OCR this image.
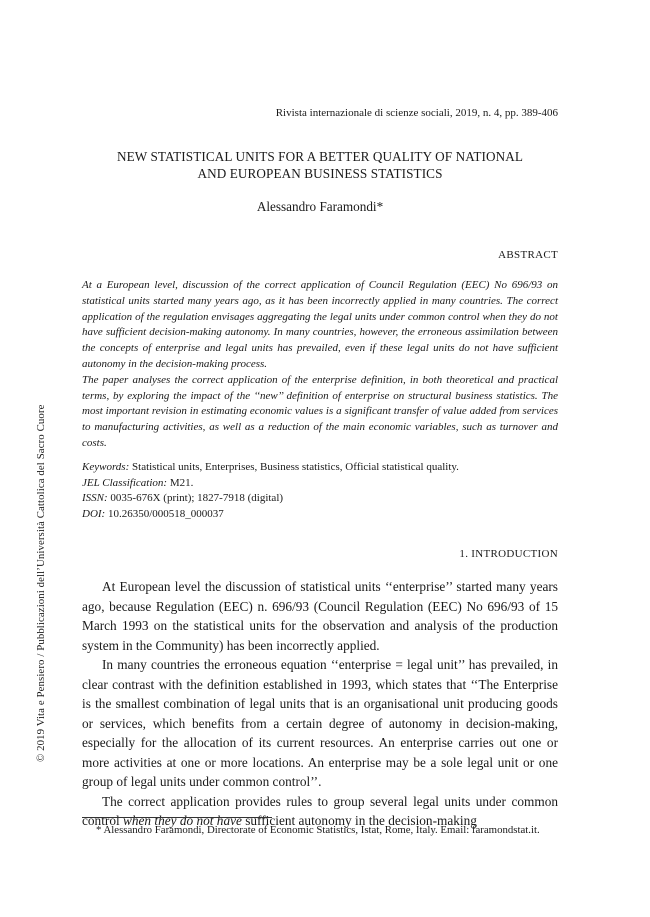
© 2019 Vita e Pensiero / Pubblicazioni dell’Università Cattolica del Sacro Cuore
Rivista internazionale di scienze sociali, 2019, n. 4, pp. 389-406
NEW STATISTICAL UNITS FOR A BETTER QUALITY OF NATIONAL
AND EUROPEAN BUSINESS STATISTICS
Alessandro Faramondi*
ABSTRACT

At a European level, discussion of the correct application of Council Regulation (EEC) No 696/93 on statistical units started many years ago, as it has been incorrectly applied in many countries. The correct application of the regulation envisages aggregating the legal units under common control when they do not have sufficient decision-making autonomy. In many countries, however, the erroneous assimilation between the concepts of enterprise and legal units has prevailed, even if these legal units do not have sufficient autonomy in the decision-making process.

The paper analyses the correct application of the enterprise definition, in both theoretical and practical terms, by exploring the impact of the ‘‘new’’ definition of enterprise on structural business statistics. The most important revision in estimating economic values is a significant transfer of value added from services to manufacturing activities, as well as a reduction of the main economic variables, such as turnover and costs.

Keywords: Statistical units, Enterprises, Business statistics, Official statistical quality.
JEL Classification: M21.
ISSN: 0035-676X (print); 1827-7918 (digital)
DOI: 10.26350/000518_000037
1. INTRODUCTION

At European level the discussion of statistical units ‘‘enterprise’’ started many years ago, because Regulation (EEC) n. 696/93 (Council Regulation (EEC) No 696/93 of 15 March 1993 on the statistical units for the observation and analysis of the production system in the Community) has been incorrectly applied.

In many countries the erroneous equation ‘‘enterprise = legal unit’’ has prevailed, in clear contrast with the definition established in 1993, which states that ‘‘The Enterprise is the smallest combination of legal units that is an organisational unit producing goods or services, which benefits from a certain degree of autonomy in decision-making, especially for the allocation of its current resources. An enterprise carries out one or more activities at one or more locations. An enterprise may be a sole legal unit or one group of legal units under common control’’.

The correct application provides rules to group several legal units under common control when they do not have sufficient autonomy in the decision-making

* Alessandro Faramondi, Directorate of Economic Statistics, Istat, Rome, Italy. Email: faramondstat.it.
